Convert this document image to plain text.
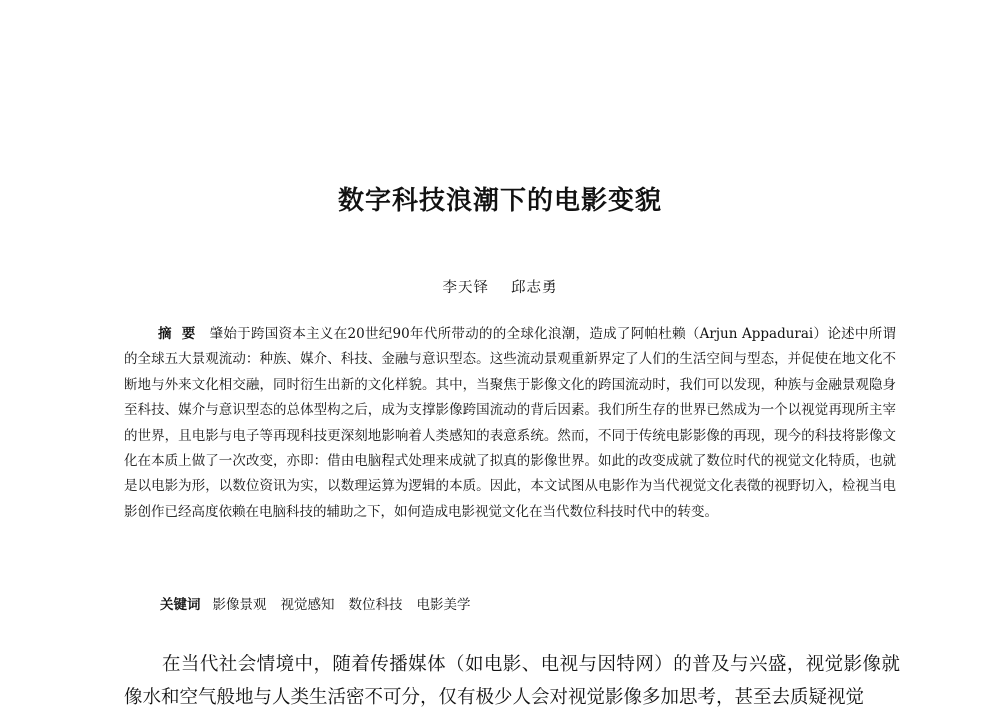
数字科技浪潮下的电影变貌

李天铎 邱志勇

摘要 肇始于跨国资本主义在20世纪90年代所带动的的全球化浪潮，造成了阿帕杜赖（Arjun Appadurai）论述中所谓的全球五大景观流动：种族、媒介、科技、金融与意识型态。这些流动景观重新界定了人们的生活空间与型态，并促使在地文化不断地与外来文化相交融，同时衍生出新的文化样貌。其中，当聚焦于影像文化的跨国流动时，我们可以发现，种族与金融景观隐身至科技、媒介与意识型态的总体型构之后，成为支撑影像跨国流动的背后因素。我们所生存的世界已然成为一个以视觉再现所主宰的世界，且电影与电子等再现科技更深刻地影响着人类感知的表意系统。然而，不同于传统电影影像的再现，现今的科技将影像文化在本质上做了一次改变，亦即：借由电脑程式处理来成就了拟真的影像世界。如此的改变成就了数位时代的视觉文化特质，也就是以电影为形，以数位资讯为实，以数理运算为逻辑的本质。因此，本文试图从电影作为当代视觉文化表徵的视野切入，检视当电影创作已经高度依赖在电脑科技的辅助之下，如何造成电影视觉文化在当代数位科技时代中的转变。

关键词 影像景观 视觉感知 数位科技 电影美学

在当代社会情境中，随着传播媒体（如电影、电视与因特网）的普及与兴盛，视觉影像就像水和空气般地与人类生活密不可分，仅有极少人会对视觉影像多加思考，甚至去质疑视觉
